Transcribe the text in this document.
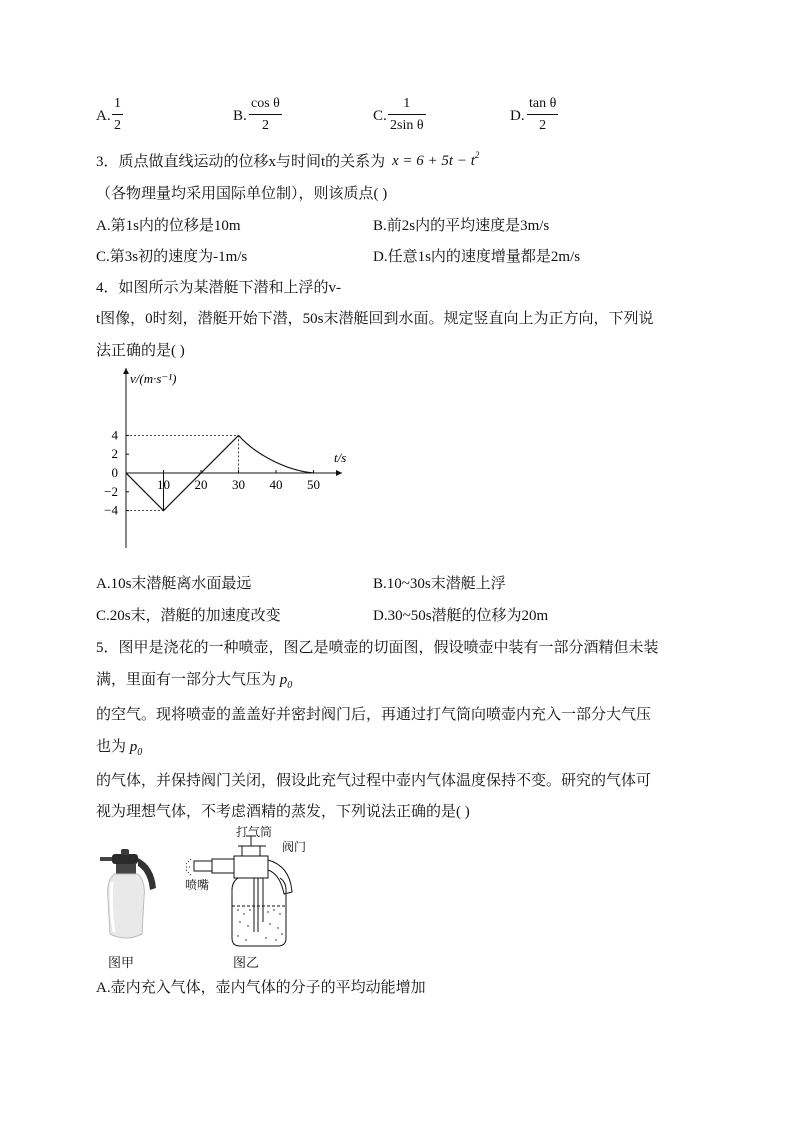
A.
1
2
B.
cos θ
2
C.
1
2sin θ
D.
tan θ
2
3．质点做直线运动的位移x与时间t的关系为 $x = 6 + 5t - t^2$
（各物理量均采用国际单位制），则该质点( )
A.第1s内的位移是10m	B.前2s内的平均速度是3m/s
C.第3s初的速度为-1m/s	D.任意1s内的速度增量都是2m/s
4．如图所示为某潜艇下潜和上浮的v-
t图像，0时刻，潜艇开始下潜，50s末潜艇回到水面。规定竖直向上为正方向，下列说
法正确的是( )
10 20 30 40 50
4
2
0
−2
−4
v/(m·s⁻¹)
t/s
A.10s末潜艇离水面最远	B.10~30s末潜艇上浮
C.20s末，潜艇的加速度改变	D.30~50s潜艇的位移为20m
5．图甲是浇花的一种喷壶，图乙是喷壶的切面图，假设喷壶中装有一部分酒精但未装
满，里面有一部分大气压为 $p_0$
的空气。现将喷壶的盖盖好并密封阀门后，再通过打气筒向喷壶内充入一部分大气压
也为 $p_0$
的气体，并保持阀门关闭，假设此充气过程中壶内气体温度保持不变。研究的气体可
视为理想气体，不考虑酒精的蒸发，下列说法正确的是( )
图甲
打气筒
阀门
喷嘴
图乙
A.壶内充入气体，壶内气体的分子的平均动能增加
